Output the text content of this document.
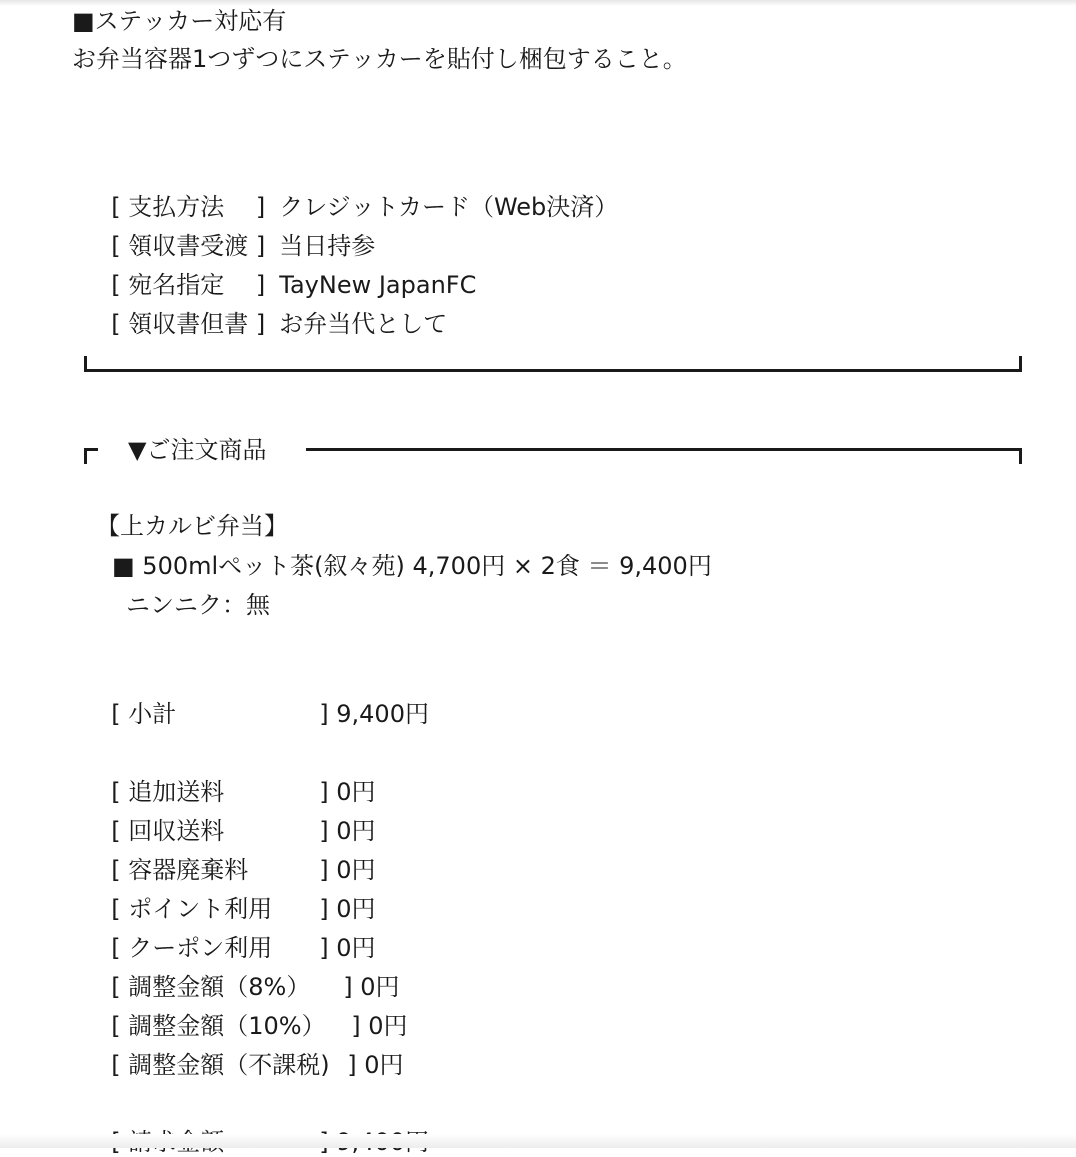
■ステッカー対応有
お弁当容器1つずつにステッカーを貼付し梱包すること。

[ 支払方法　 ] クレジットカード（Web決済）

[ 領収書受渡 ] 当日持参

[ 宛名指定　 ] TayNew JapanFC

[ 領収書但書 ] お弁当代として

▼ご注文商品
【上カルビ弁当】
■ 500mlペット茶(叙々苑) 4,700円 × 2食 ＝ 9,400円
ニンニク：無

[ 小計	] 9,400円

[ 追加送料	] 0円

[ 回収送料	] 0円

[ 容器廃棄料	] 0円

[ ポイント利用 ] 0円

[ クーポン利用 ] 0円

[ 調整金額（8%） ] 0円

[ 調整金額（10%） ] 0円

[ 調整金額（不課税) ] 0円
